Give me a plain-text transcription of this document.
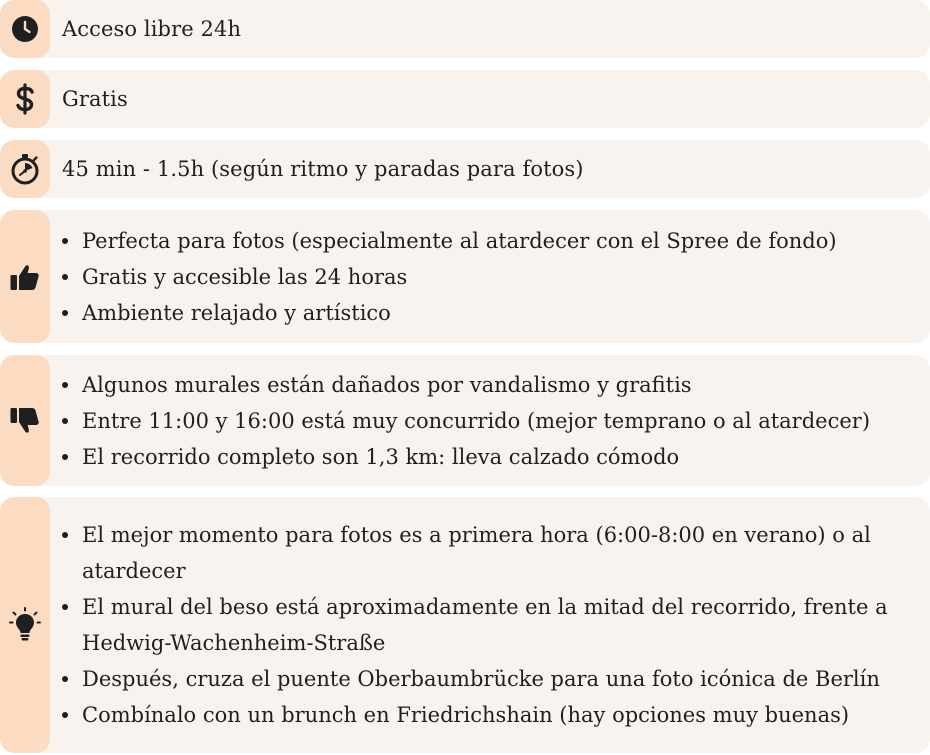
Acceso libre 24h
Gratis
45 min - 1.5h (según ritmo y paradas para fotos)
Perfecta para fotos (especialmente al atardecer con el Spree de fondo)
Gratis y accesible las 24 horas
Ambiente relajado y artístico
Algunos murales están dañados por vandalismo y grafitis
Entre 11:00 y 16:00 está muy concurrido (mejor temprano o al atardecer)
El recorrido completo son 1,3 km: lleva calzado cómodo
El mejor momento para fotos es a primera hora (6:00-8:00 en verano) o al atardecer
El mural del beso está aproximadamente en la mitad del recorrido, frente a Hedwig-Wachenheim-Straße
Después, cruza el puente Oberbaumbrücke para una foto icónica de Berlín
Combínalo con un brunch en Friedrichshain (hay opciones muy buenas)
